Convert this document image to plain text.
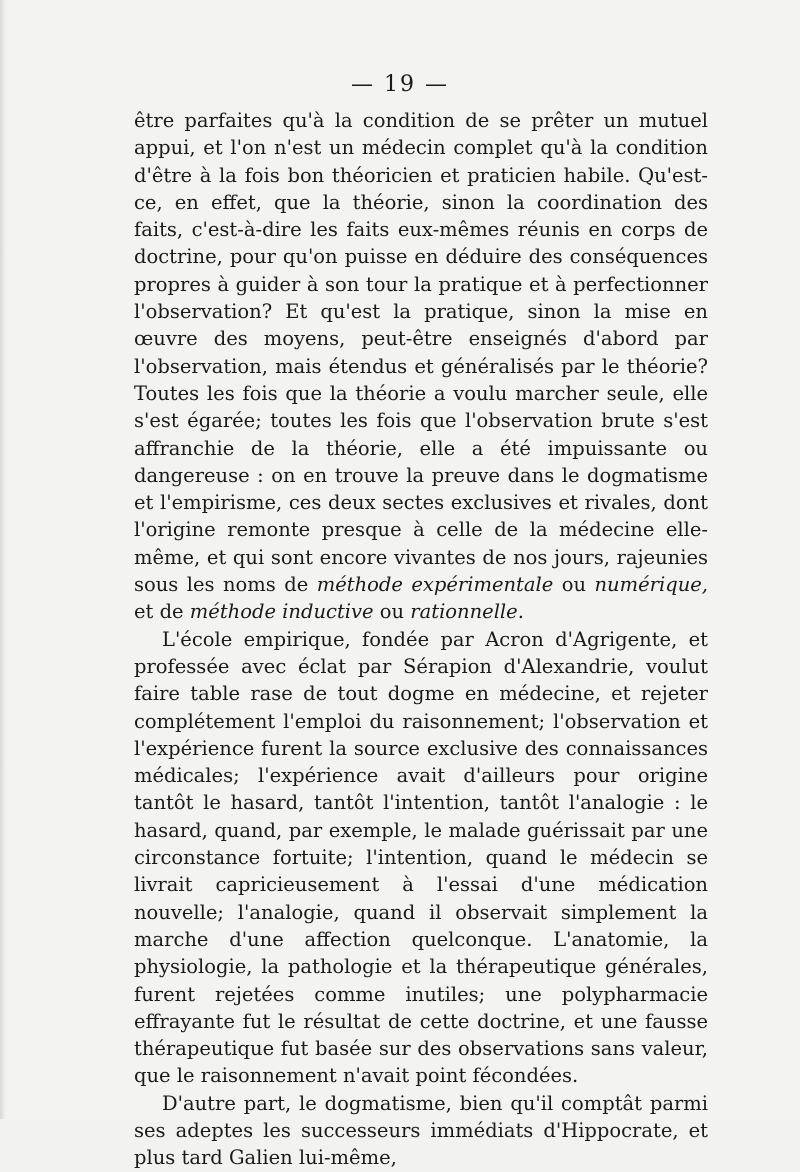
— 19 —

être parfaites qu'à la condition de se prêter un mutuel appui, et l'on n'est un médecin complet qu'à la condition d'être à la fois bon théoricien et praticien habile. Qu'est-ce, en effet, que la théorie, sinon la coordination des faits, c'est-à-dire les faits eux-mêmes réunis en corps de doctrine, pour qu'on puisse en déduire des conséquences propres à guider à son tour la pratique et à perfectionner l'observation? Et qu'est la pratique, sinon la mise en œuvre des moyens, peut-être enseignés d'abord par l'observation, mais étendus et généralisés par le théorie? Toutes les fois que la théorie a voulu marcher seule, elle s'est égarée; toutes les fois que l'observation brute s'est affranchie de la théorie, elle a été impuissante ou dangereuse : on en trouve la preuve dans le dogmatisme et l'empirisme, ces deux sectes exclusives et rivales, dont l'origine remonte presque à celle de la médecine elle-même, et qui sont encore vivantes de nos jours, rajeunies sous les noms de méthode expérimentale ou numérique, et de méthode inductive ou rationnelle.

L'école empirique, fondée par Acron d'Agrigente, et professée avec éclat par Sérapion d'Alexandrie, voulut faire table rase de tout dogme en médecine, et rejeter complétement l'emploi du raisonnement; l'observation et l'expérience furent la source exclusive des connaissances médicales; l'expérience avait d'ailleurs pour origine tantôt le hasard, tantôt l'intention, tantôt l'analogie : le hasard, quand, par exemple, le malade guérissait par une circonstance fortuite; l'intention, quand le médecin se livrait capricieusement à l'essai d'une médication nouvelle; l'analogie, quand il observait simplement la marche d'une affection quelconque. L'anatomie, la physiologie, la pathologie et la thérapeutique générales, furent rejetées comme inutiles; une polypharmacie effrayante fut le résultat de cette doctrine, et une fausse thérapeutique fut basée sur des observations sans valeur, que le raisonnement n'avait point fécondées.

D'autre part, le dogmatisme, bien qu'il comptât parmi ses adeptes les successeurs immédiats d'Hippocrate, et plus tard Galien lui-même,
